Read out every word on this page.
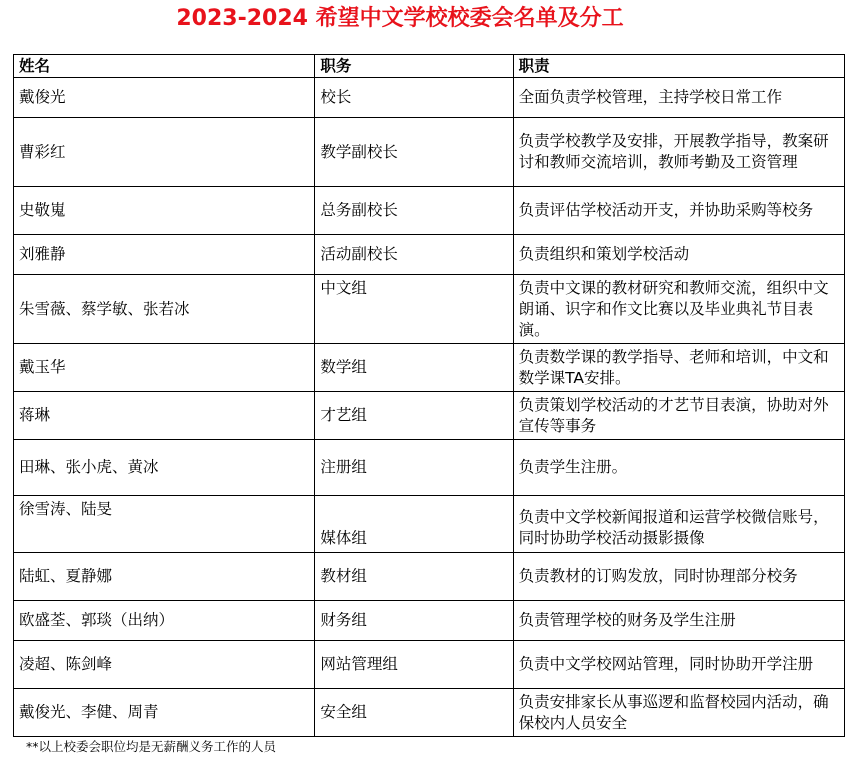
2023-2024 希望中文学校校委会名单及分工
姓名	职务	职责
戴俊光	校长	全面负责学校管理，主持学校日常工作
曹彩红	教学副校长	负责学校教学及安排，开展教学指导，教案研讨和教师交流培训，教师考勤及工资管理
史敬嵬	总务副校长	负责评估学校活动开支，并协助采购等校务
刘雅静	活动副校长	负责组织和策划学校活动
朱雪薇、蔡学敏、张若冰	中文组	负责中文课的教材研究和教师交流，组织中文朗诵、识字和作文比赛以及毕业典礼节目表演。
戴玉华	数学组	负责数学课的教学指导、老师和培训，中文和数学课TA安排。
蒋琳	才艺组	负责策划学校活动的才艺节目表演，协助对外宣传等事务
田琳、张小虎、黄冰	注册组	负责学生注册。
徐雪涛、陆旻	媒体组	负责中文学校新闻报道和运营学校微信账号，同时协助学校活动摄影摄像
陆虹、夏静娜	教材组	负责教材的订购发放，同时协理部分校务
欧盛荃、郭琰（出纳）	财务组	负责管理学校的财务及学生注册
凌超、陈剑峰	网站管理组	负责中文学校网站管理，同时协助开学注册
戴俊光、李健、周青	安全组	负责安排家长从事巡逻和监督校园内活动，确保校内人员安全
**以上校委会职位均是无薪酬义务工作的人员
